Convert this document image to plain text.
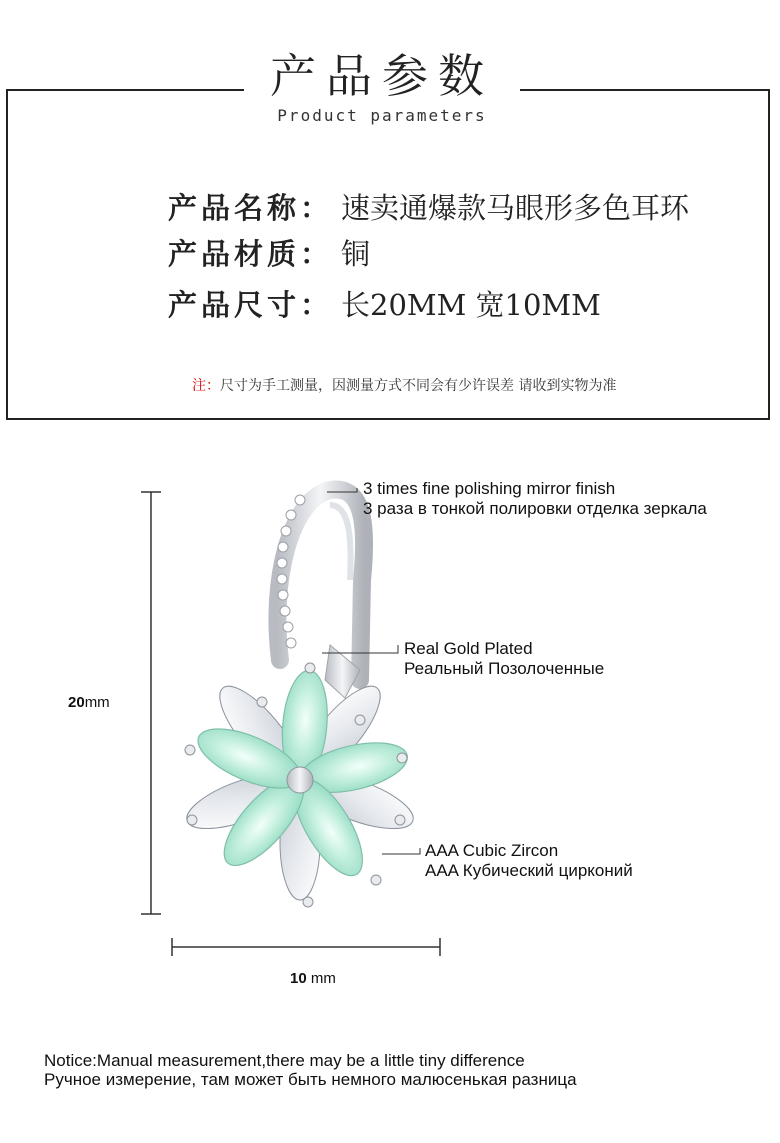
产品参数
Product parameters
产品名称： 速卖通爆款马眼形多色耳环
产品材质： 铜
产品尺寸： 长20MM 宽10MM
注：尺寸为手工测量，因测量方式不同会有少许误差 请收到实物为准
20mm
10 mm
3 times fine polishing mirror finish
3 раза в тонкой полировки отделка зеркала
Real Gold Plated
Реальный Позолоченные
AAA Cubic Zircon
AAA Кубический цирконий
Notice:Manual measurement,there may be a little tiny difference
Ручное измерение, там может быть немного малюсенькая разница
